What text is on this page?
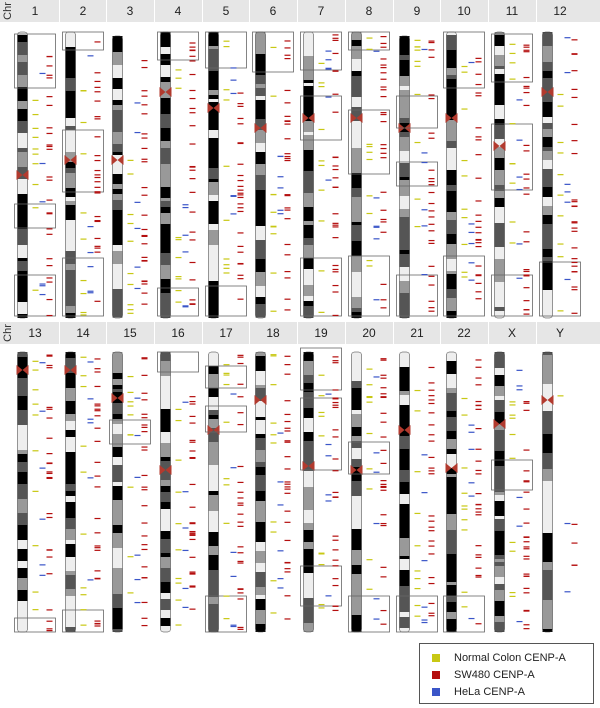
Chr 1	2	3	4	5	6	7	8	9	10	11	12
Chr 13	14	15	16	17	18	19	20	21	22	X	Y
Normal Colon CENP-A
SW480 CENP-A
HeLa CENP-A
